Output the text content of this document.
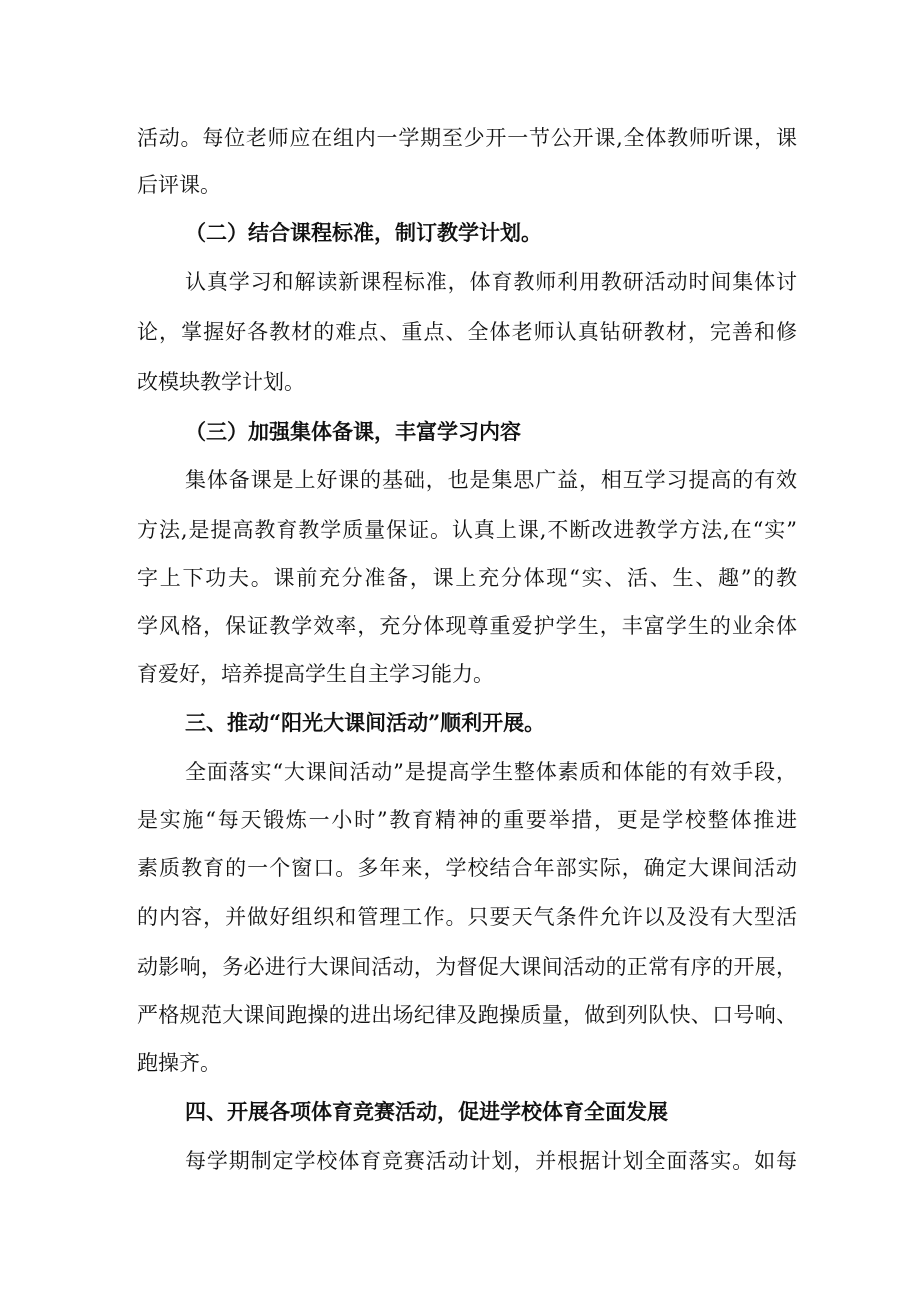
活动。每位老师应在组内一学期至少开一节公开课,全体教师听课，课
后评课。
（二）结合课程标准，制订教学计划。
认真学习和解读新课程标准，体育教师利用教研活动时间集体讨
论，掌握好各教材的难点、重点、全体老师认真钻研教材，完善和修
改模块教学计划。
（三）加强集体备课，丰富学习内容
集体备课是上好课的基础，也是集思广益，相互学习提高的有效
方法,是提高教育教学质量保证。认真上课,不断改进教学方法,在“实”
字上下功夫。课前充分准备，课上充分体现“实、活、生、趣”的教
学风格，保证教学效率，充分体现尊重爱护学生，丰富学生的业余体
育爱好，培养提高学生自主学习能力。
三、推动“阳光大课间活动”顺利开展。
全面落实“大课间活动”是提高学生整体素质和体能的有效手段，
是实施“每天锻炼一小时”教育精神的重要举措，更是学校整体推进
素质教育的一个窗口。多年来，学校结合年部实际，确定大课间活动
的内容，并做好组织和管理工作。只要天气条件允许以及没有大型活
动影响，务必进行大课间活动，为督促大课间活动的正常有序的开展，
严格规范大课间跑操的进出场纪律及跑操质量，做到列队快、口号响、
跑操齐。
四、开展各项体育竞赛活动，促进学校体育全面发展
每学期制定学校体育竞赛活动计划，并根据计划全面落实。如每
